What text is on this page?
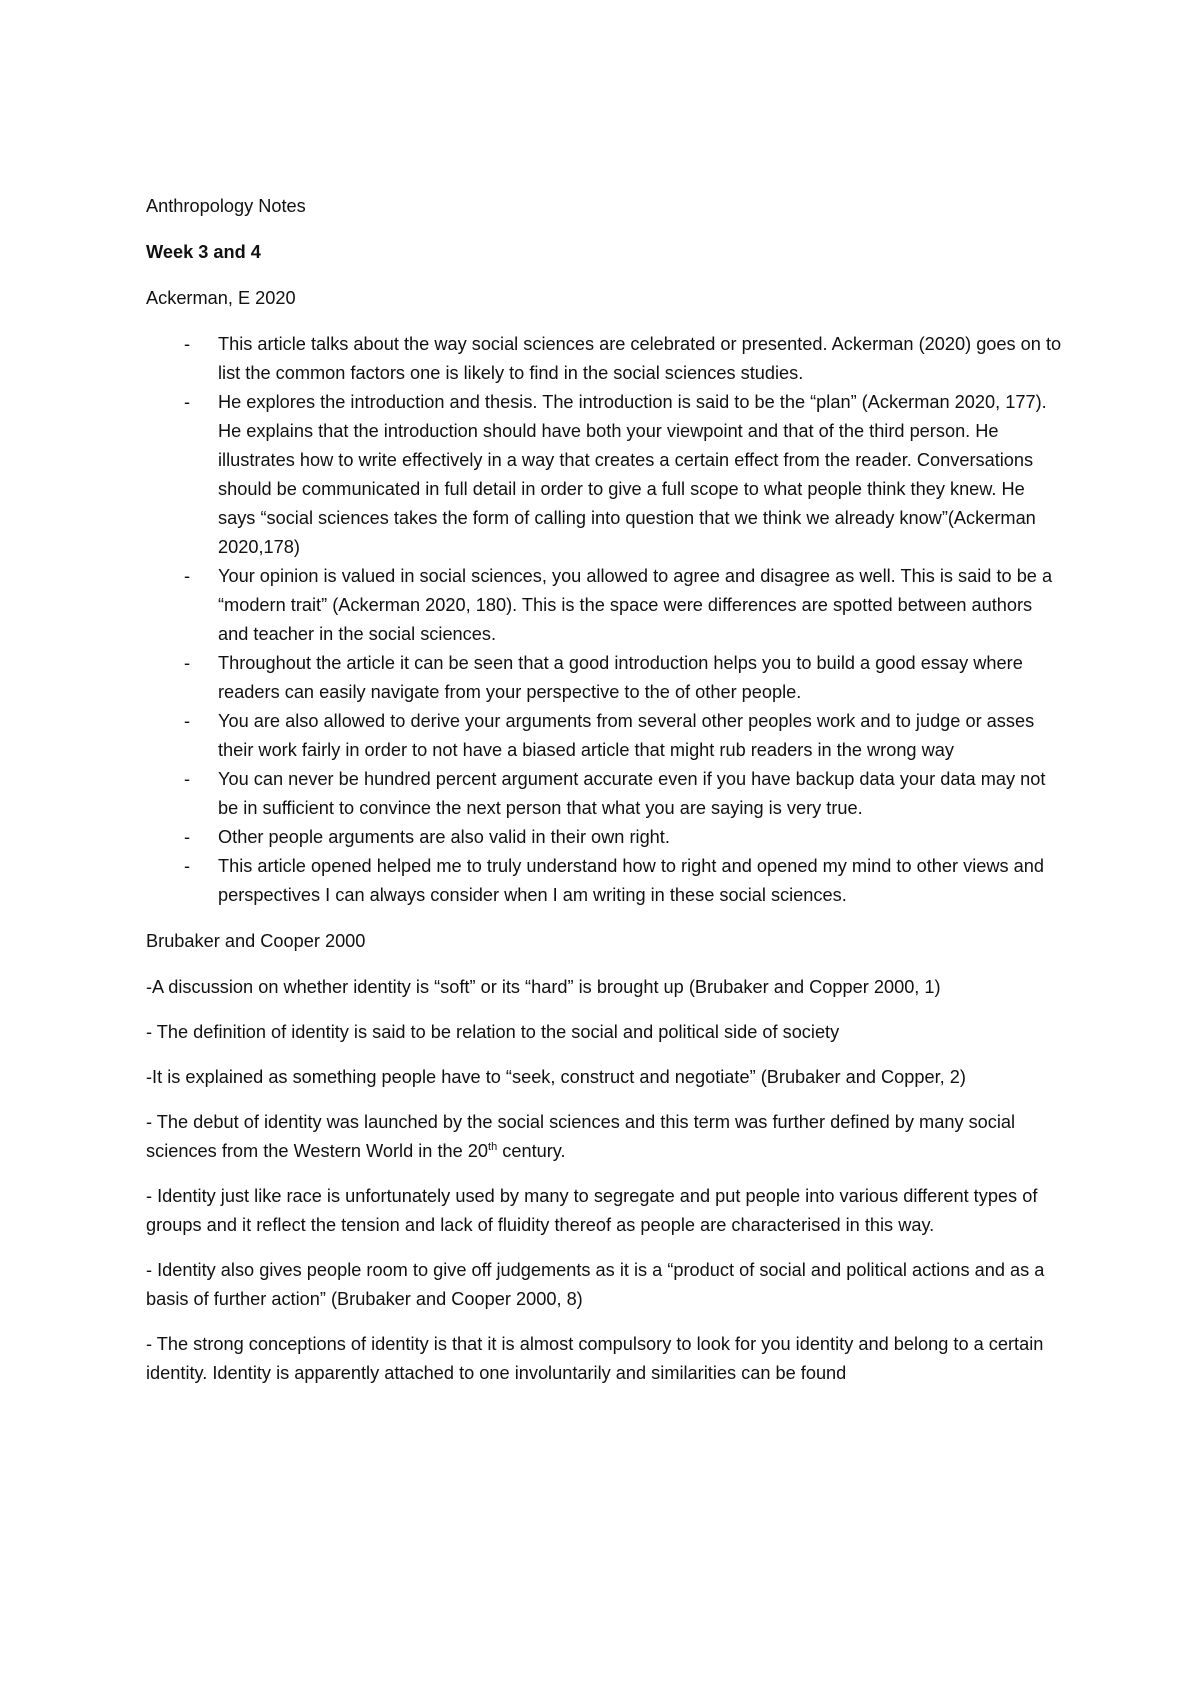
Anthropology Notes

Week 3 and 4

Ackerman, E 2020

- This article talks about the way social sciences are celebrated or presented. Ackerman (2020) goes on to list the common factors one is likely to find in the social sciences studies.
- He explores the introduction and thesis. The introduction is said to be the “plan” (Ackerman 2020, 177). He explains that the introduction should have both your viewpoint and that of the third person. He illustrates how to write effectively in a way that creates a certain effect from the reader. Conversations should be communicated in full detail in order to give a full scope to what people think they knew. He says “social sciences takes the form of calling into question that we think we already know”(Ackerman 2020,178)
- Your opinion is valued in social sciences, you allowed to agree and disagree as well. This is said to be a “modern trait” (Ackerman 2020, 180). This is the space were differences are spotted between authors and teacher in the social sciences.
- Throughout the article it can be seen that a good introduction helps you to build a good essay where readers can easily navigate from your perspective to the of other people.
- You are also allowed to derive your arguments from several other peoples work and to judge or asses their work fairly in order to not have a biased article that might rub readers in the wrong way
- You can never be hundred percent argument accurate even if you have backup data your data may not be in sufficient to convince the next person that what you are saying is very true.
- Other people arguments are also valid in their own right.
- This article opened helped me to truly understand how to right and opened my mind to other views and perspectives I can always consider when I am writing in these social sciences.

Brubaker and Cooper 2000

-A discussion on whether identity is “soft” or its “hard” is brought up (Brubaker and Copper 2000, 1)

- The definition of identity is said to be relation to the social and political side of society

-It is explained as something people have to “seek, construct and negotiate” (Brubaker and Copper, 2)

- The debut of identity was launched by the social sciences and this term was further defined by many social sciences from the Western World in the 20th century.

- Identity just like race is unfortunately used by many to segregate and put people into various different types of groups and it reflect the tension and lack of fluidity thereof as people are characterised in this way.

- Identity also gives people room to give off judgements as it is a “product of social and political actions and as a basis of further action” (Brubaker and Cooper 2000, 8)

- The strong conceptions of identity is that it is almost compulsory to look for you identity and belong to a certain identity. Identity is apparently attached to one involuntarily and similarities can be found
